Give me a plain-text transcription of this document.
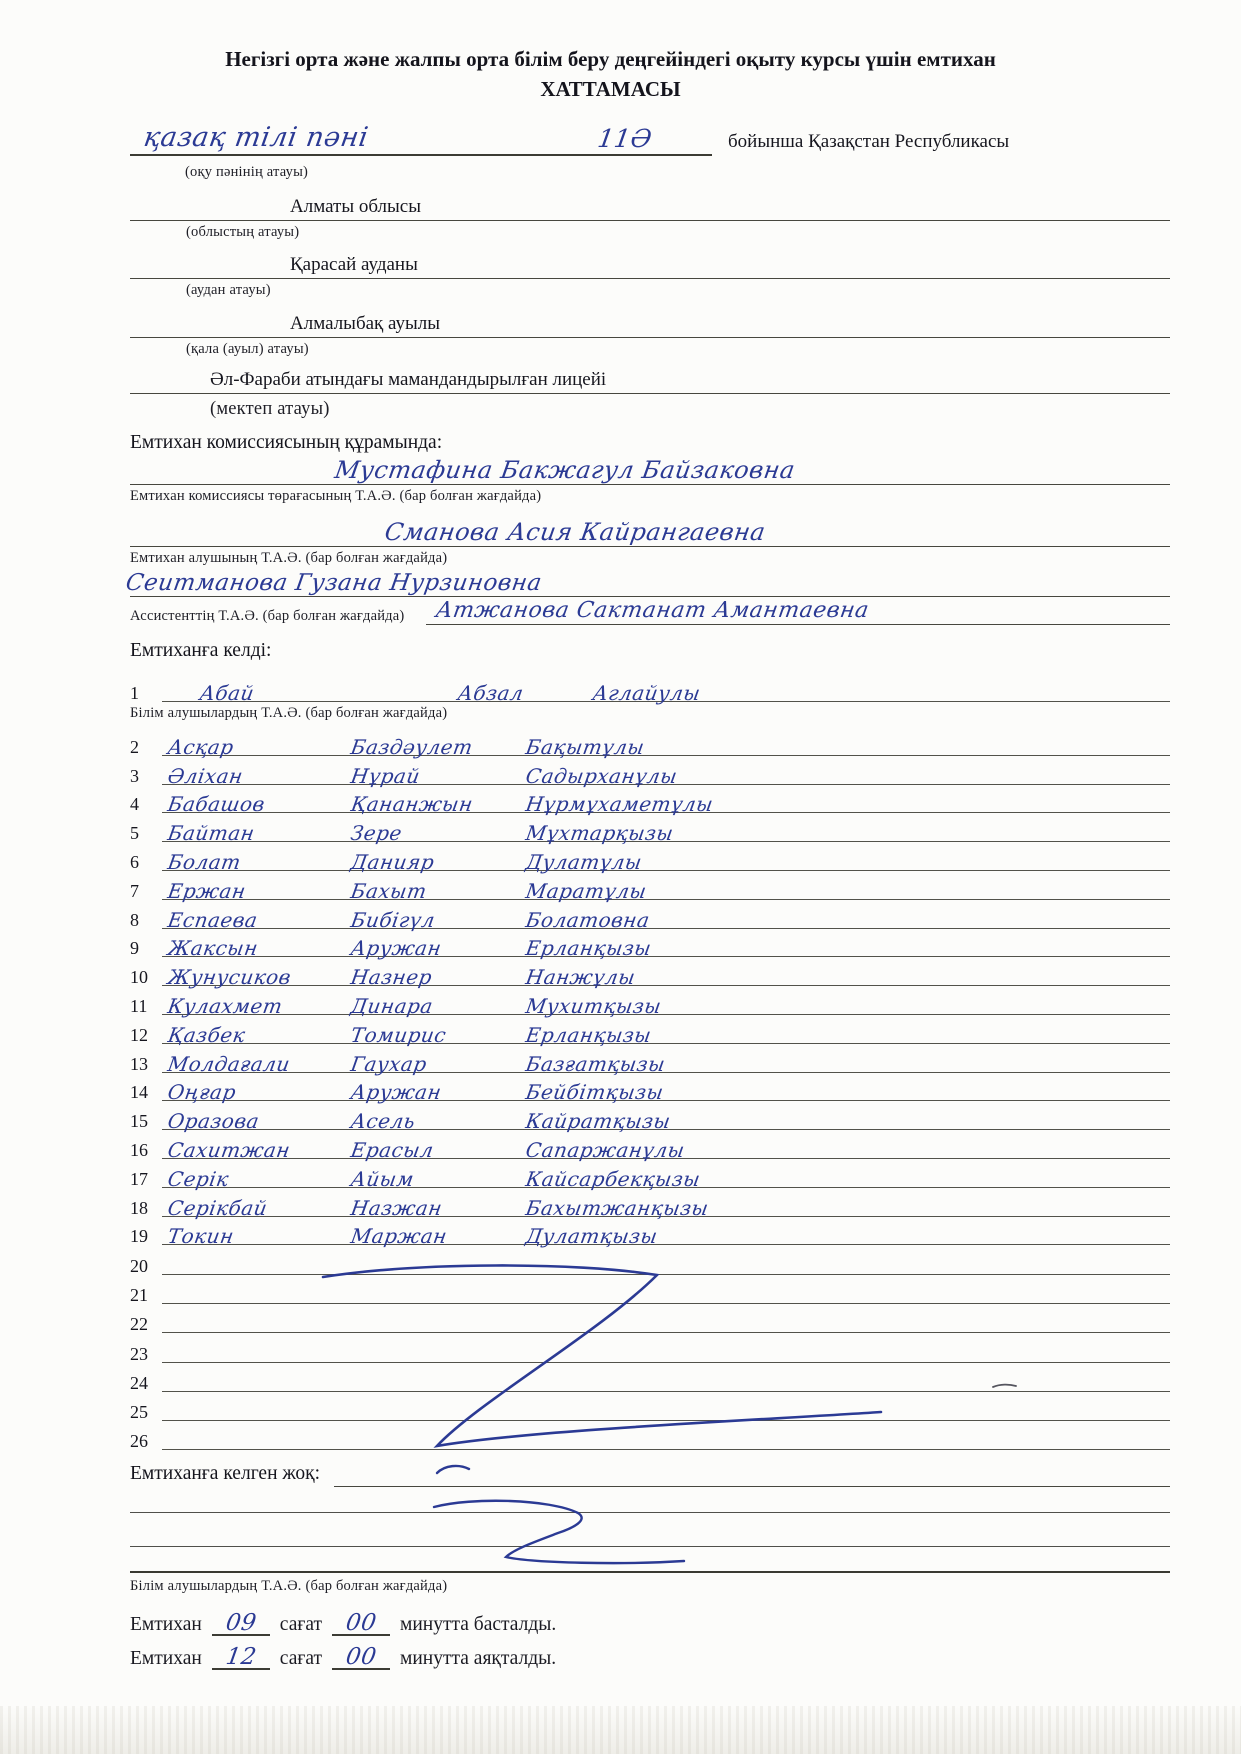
Негізгі орта және жалпы орта білім беру деңгейіндегі оқыту курсы үшін емтихан
ХАТТАМАСЫ
қазақ тілі пәні	11Ә	бойынша Қазақстан Республикасы
(оқу пәнінің атауы)
Алматы облысы
(облыстың атауы)
Қарасай ауданы
(аудан атауы)
Алмалыбақ ауылы
(қала (ауыл) атауы)
Әл-Фараби атындағы мамандандырылған лицейі
(мектеп атауы)
Емтихан комиссиясының құрамында:
Мустафина Бакжагул Байзаковна
Емтихан комиссиясы төрағасының Т.А.Ә. (бар болған жағдайда)
Сманова Асия Кайрангаевна
Емтихан алушының Т.А.Ә. (бар болған жағдайда)
Сеитманова Гузана Нурзиновна
Ассистенттің Т.А.Ә. (бар болған жағдайда)	Атжанова Сактанат Амантаевна
Емтиханға келді:
1	Абай	Абзал	Аглайулы
Білім алушылардың Т.А.Ә. (бар болған жағдайда)
2	Асқар	Баздәулет	Бақытұлы
3	Әліхан	Нұрай	Садырханұлы
4	Бабашов	Қананжын	Нұрмұхаметұлы
5	Байтан	Зере	Мұхтарқызы
6	Болат	Данияр	Дулатұлы
7	Ержан	Бахыт	Маратұлы
8	Еспаева	Бибігүл	Болатовна
9	Жаксын	Аружан	Ерланқызы
10 Жунусиков	Назнер	Нанжұлы
11 Кулахмет	Динара	Мухитқызы
12 Қазбек	Томирис	Ерланқызы
13 Молдағали	Гаухар	Базғатқызы
14 Оңғар	Аружан	Бейбітқызы
15 Оразова	Асель	Кайратқызы
16 Сахитжан	Ерасыл	Сапаржанұлы
17 Серік	Айым	Кайсарбекқызы
18 Серікбай	Назжан	Бахытжанқызы
19 Токин	Маржан	Дулатқызы
20
21
22
23
24
25
26
Емтиханға келген жоқ:
Білім алушылардың Т.А.Ә. (бар болған жағдайда)
Емтихан 09	сағат 00	минутта басталды.
Емтихан 12	сағат 00	минутта аяқталды.
